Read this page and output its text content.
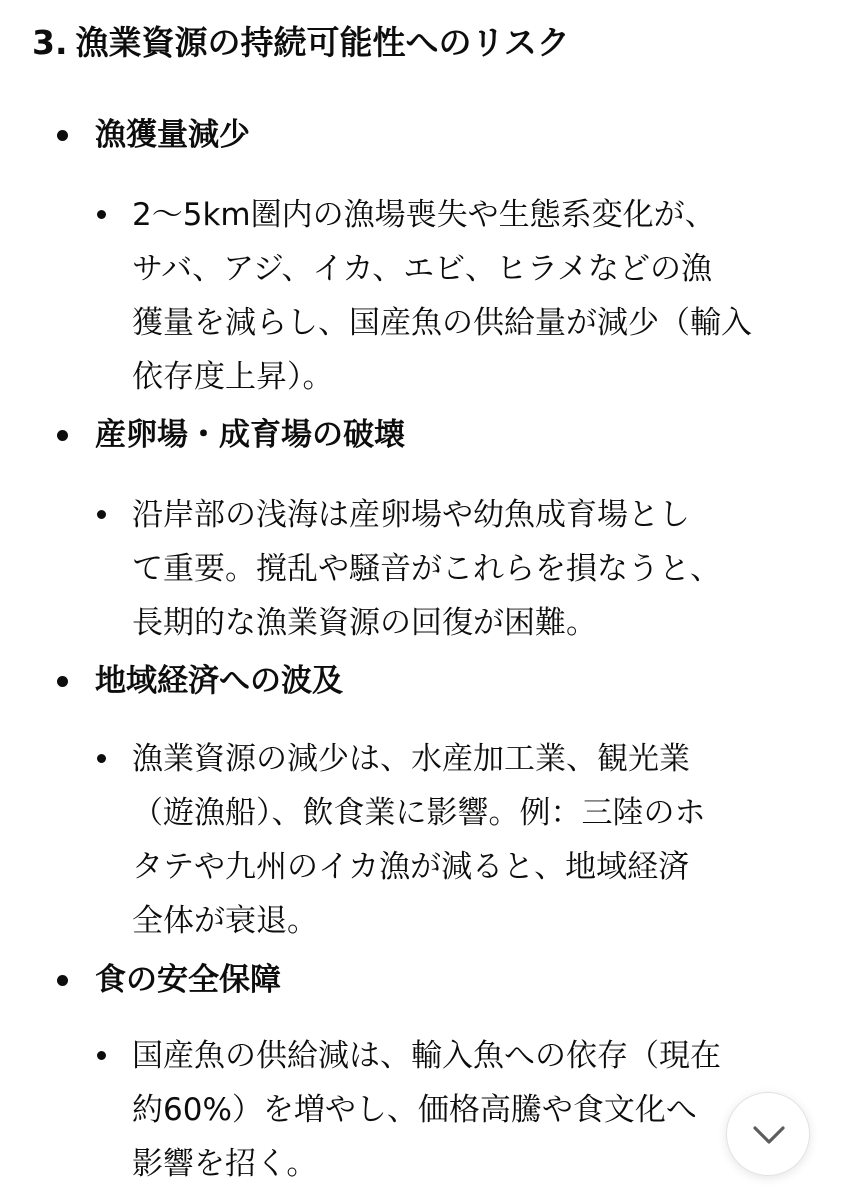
3. 漁業資源の持続可能性へのリスク
漁獲量減少
2〜5km圏内の漁場喪失や生態系変化が、
サバ、アジ、イカ、エビ、ヒラメなどの漁
獲量を減らし、国産魚の供給量が減少（輸入
依存度上昇）。
産卵場・成育場の破壊
沿岸部の浅海は産卵場や幼魚成育場とし
て重要。撹乱や騒音がこれらを損なうと、
長期的な漁業資源の回復が困難。
地域経済への波及
漁業資源の減少は、水産加工業、観光業
（遊漁船）、飲食業に影響。例：三陸のホ
タテや九州のイカ漁が減ると、地域経済
全体が衰退。
食の安全保障
国産魚の供給減は、輸入魚への依存（現在
約60%）を増やし、価格高騰や食文化へ
影響を招く。
